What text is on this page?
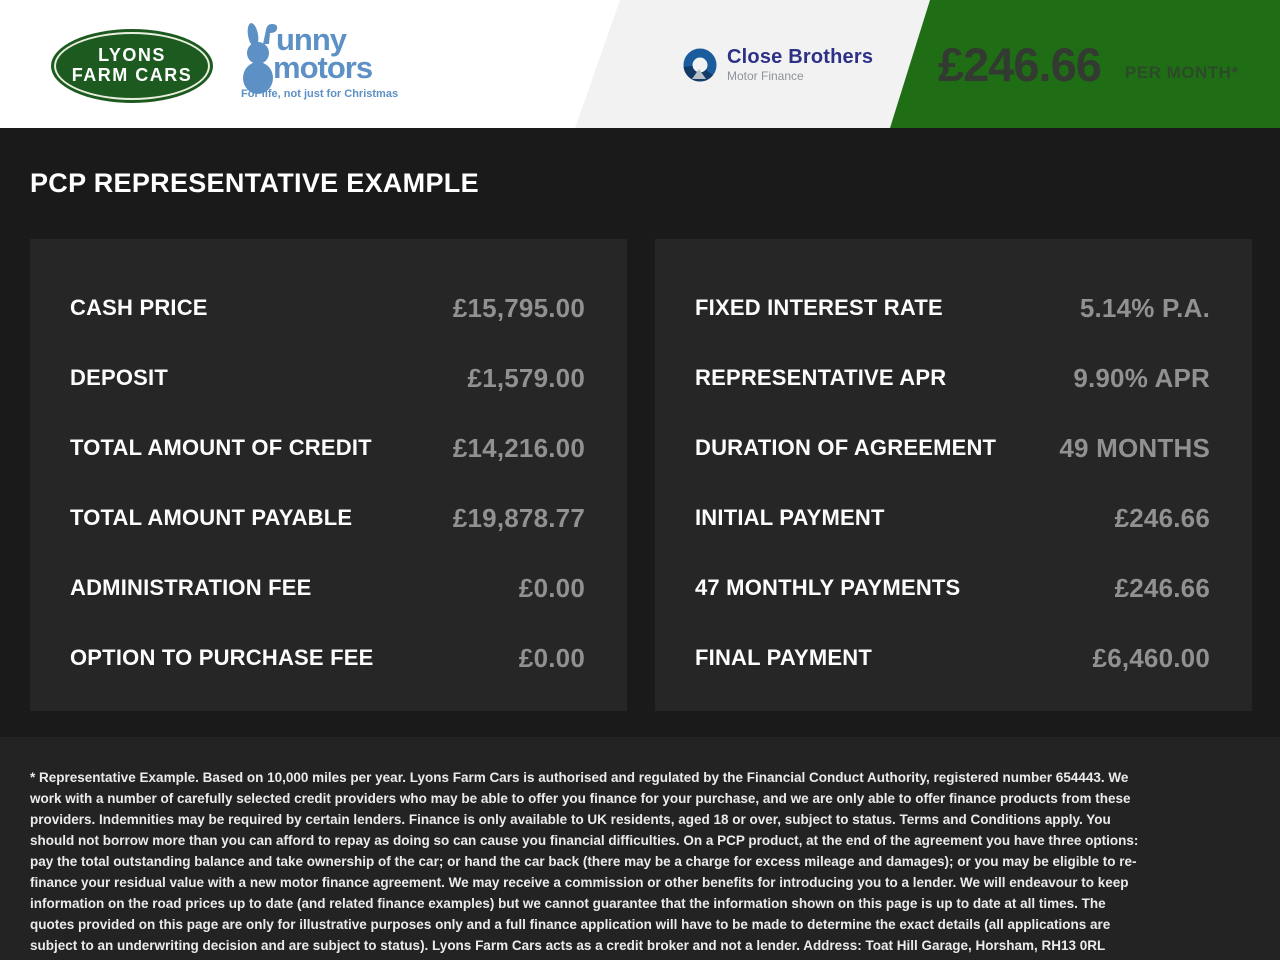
LYONS
FARM CARS
unny
motors
For life, not just for Christmas
Close Brothers
Motor Finance	£246.66 PER MONTH*
PCP REPRESENTATIVE EXAMPLE
CASH PRICE	£15,795.00
DEPOSIT	£1,579.00
TOTAL AMOUNT OF CREDIT	£14,216.00
TOTAL AMOUNT PAYABLE	£19,878.77
ADMINISTRATION FEE	£0.00
OPTION TO PURCHASE FEE	£0.00
FIXED INTEREST RATE	5.14% P.A.
REPRESENTATIVE APR	9.90% APR
DURATION OF AGREEMENT 49 MONTHS
INITIAL PAYMENT	£246.66
47 MONTHLY PAYMENTS	£246.66
FINAL PAYMENT	£6,460.00
* Representative Example. Based on 10,000 miles per year. Lyons Farm Cars is authorised and regulated by the Financial Conduct Authority, registered number 654443. We work with a number of carefully selected credit providers who may be able to offer you finance for your purchase, and we are only able to offer finance products from these providers. Indemnities may be required by certain lenders. Finance is only available to UK residents, aged 18 or over, subject to status. Terms and Conditions apply. You should not borrow more than you can afford to repay as doing so can cause you financial difficulties. On a PCP product, at the end of the agreement you have three options: pay the total outstanding balance and take ownership of the car; or hand the car back (there may be a charge for excess mileage and damages); or you may be eligible to re-finance your residual value with a new motor finance agreement. We may receive a commission or other benefits for introducing you to a lender. We will endeavour to keep information on the road prices up to date (and related finance examples) but we cannot guarantee that the information shown on this page is up to date at all times. The quotes provided on this page are only for illustrative purposes only and a full finance application will have to be made to determine the exact details (all applications are subject to an underwriting decision and are subject to status). Lyons Farm Cars acts as a credit broker and not a lender. Address: Toat Hill Garage, Horsham, RH13 0RL
